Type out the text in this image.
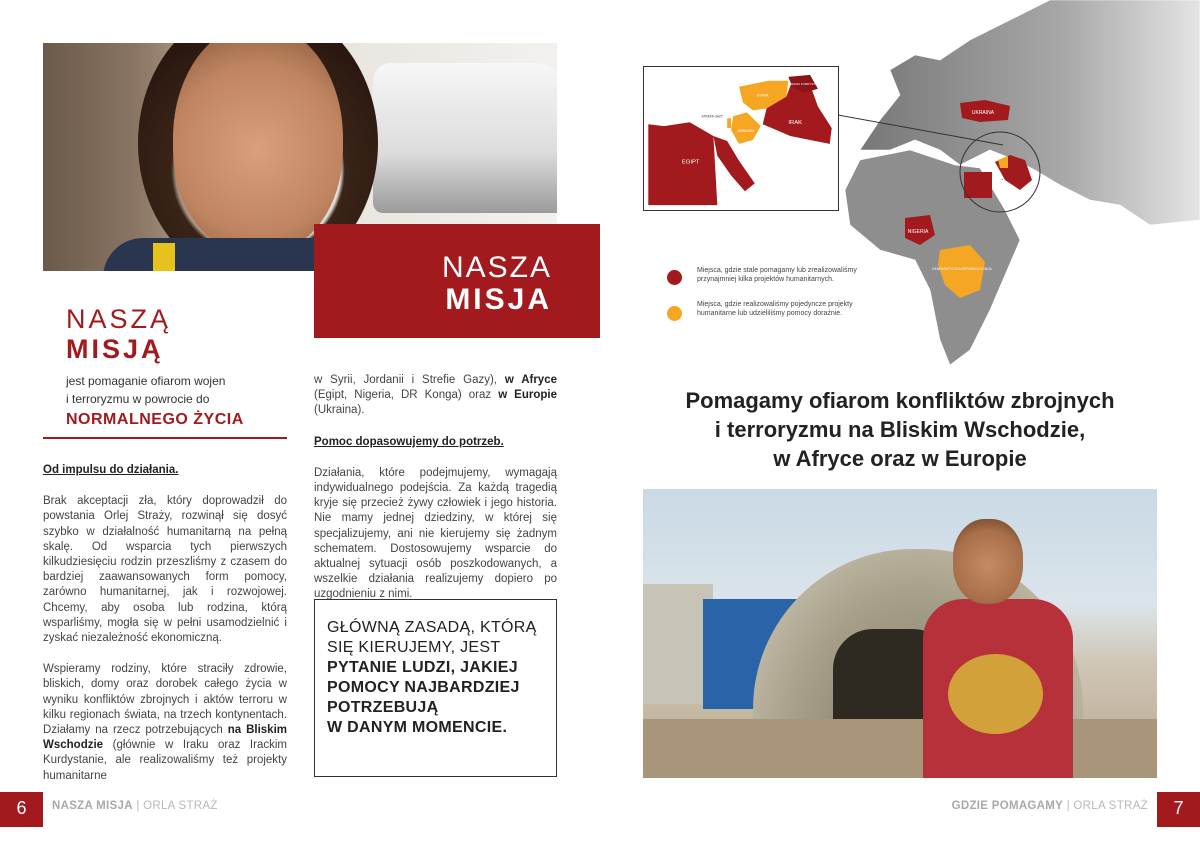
NASZA
MISJA
NASZĄ
MISJĄ
jest pomaganie ofiarom wojen
i terroryzmu w powrocie do
NORMALNEGO ŻYCIA
Od impulsu do działania.
Brak akceptacji zła, który doprowadził do powstania Orlej Straży, rozwinął się dosyć szybko w działalność humanitarną na pełną skalę. Od wsparcia tych pierwszych kilkudziesięciu rodzin przeszliśmy z czasem do bardziej zaawansowanych form pomocy, zarówno humanitarnej, jak i rozwojowej. Chcemy, aby osoba lub rodzina, którą wsparliśmy, mogła się w pełni usamodzielnić i zyskać niezależność ekonomiczną.
Wspieramy rodziny, które straciły zdrowie, bliskich, domy oraz dorobek całego życia w wyniku konfliktów zbrojnych i aktów terroru w kilku regionach świata, na trzech kontynentach. Działamy na rzecz potrzebujących na Bliskim Wschodzie (głównie w Iraku oraz Irackim Kurdystanie, ale realizowaliśmy też projekty humanitarne
w Syrii, Jordanii i Strefie Gazy), w Afryce (Egipt, Nigeria, DR Konga) oraz w Europie (Ukraina).
Pomoc dopasowujemy do potrzeb.
Działania, które podejmujemy, wymagają indywidualnego podejścia. Za każdą tragedią kryje się przecież żywy człowiek i jego historia. Nie mamy jednej dziedziny, w której się specjalizujemy, ani nie kierujemy się żadnym schematem. Dostosowujemy wsparcie do aktualnej sytuacji osób poszkodowanych, a wszelkie działania realizujemy dopiero po uzgodnieniu z nimi.
GŁÓWNĄ ZASADĄ, KTÓRĄ
SIĘ KIERUJEMY, JEST
PYTANIE LUDZI, JAKIEJ
POMOCY NAJBARDZIEJ
POTRZEBUJĄ
W DANYM MOMENCIE.
6	NASZA MISJA | ORLA STRAŻ
UKRAINA
NIGERIA
DEMOKRATYCZNA REPUBLIKA KONGA
EGIPT
JORDANIA
STREFA GAZY
SYRIA
IRAK
IRACKI KURDYSTAN
Miejsca, gdzie stale pomagamy lub zrealizowaliśmy przynajmniej kilka projektów humanitarnych.
Miejsca, gdzie realizowaliśmy pojedyncze projekty humanitarne lub udzieliliśmy pomocy doraźnie.
Pomagamy ofiarom konfliktów zbrojnych
i terroryzmu na Bliskim Wschodzie,
w Afryce oraz w Europie
GDZIE POMAGAMY | ORLA STRAŻ	7
